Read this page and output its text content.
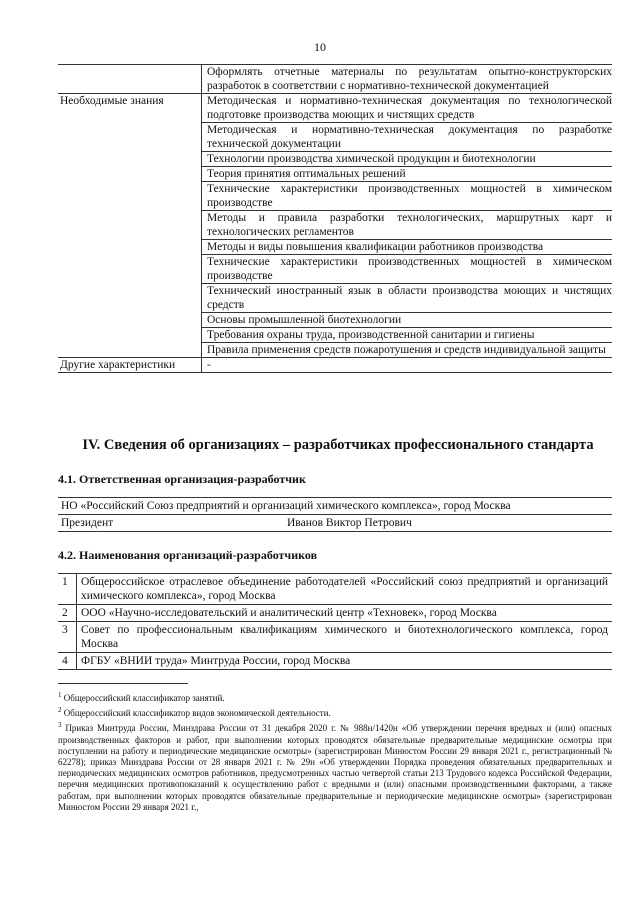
10
	Оформлять отчетные материалы по результатам опытно-конструкторских разработок в соответствии с нормативно-технической документацией
Необходимые знания	Методическая и нормативно-техническая документация по технологической подготовке производства моющих и чистящих средств
	Методическая и нормативно-техническая документация по разработке технической документации
	Технологии производства химической продукции и биотехнологии
	Теория принятия оптимальных решений
	Технические характеристики производственных мощностей в химическом производстве
	Методы и правила разработки технологических, маршрутных карт и технологических регламентов
	Методы и виды повышения квалификации работников производства
	Технические характеристики производственных мощностей в химическом производстве
	Технический иностранный язык в области производства моющих и чистящих средств
	Основы промышленной биотехнологии
	Требования охраны труда, производственной санитарии и гигиены
	Правила применения средств пожаротушения и средств индивидуальной защиты
Другие характеристики	-
IV. Сведения об организациях – разработчиках профессионального стандарта
4.1. Ответственная организация-разработчик
НО «Российский Союз предприятий и организаций химического комплекса», город Москва
Президент	Иванов Виктор Петрович
4.2. Наименования организаций-разработчиков
1	Общероссийское отраслевое объединение работодателей «Российский союз предприятий и организаций химического комплекса», город Москва
2	ООО «Научно-исследовательский и аналитический центр «Техновек», город Москва
3	Совет по профессиональным квалификациям химического и биотехнологического комплекса, город Москва
4	ФГБУ «ВНИИ труда» Минтруда России, город Москва

$^1$ Общероссийский классификатор занятий.

$^2$ Общероссийский классификатор видов экономической деятельности.

$^3$ Приказ Минтруда России, Минздрава России от 31 декабря 2020 г. № 988н/1420н «Об утверждении перечня вредных и (или) опасных производственных факторов и работ, при выполнении которых проводятся обязательные предварительные медицинские осмотры при поступлении на работу и периодические медицинские осмотры» (зарегистрирован Минюстом России 29 января 2021 г., регистрационный № 62278); приказ Минздрава России от 28 января 2021 г. № 29н «Об утверждении Порядка проведения обязательных предварительных и периодических медицинских осмотров работников, предусмотренных частью четвертой статьи 213 Трудового кодекса Российской Федерации, перечня медицинских противопоказаний к осуществлению работ с вредными и (или) опасными производственными факторами, а также работам, при выполнении которых проводятся обязательные предварительные и периодические медицинские осмотры» (зарегистрирован Минюстом России 29 января 2021 г.,
